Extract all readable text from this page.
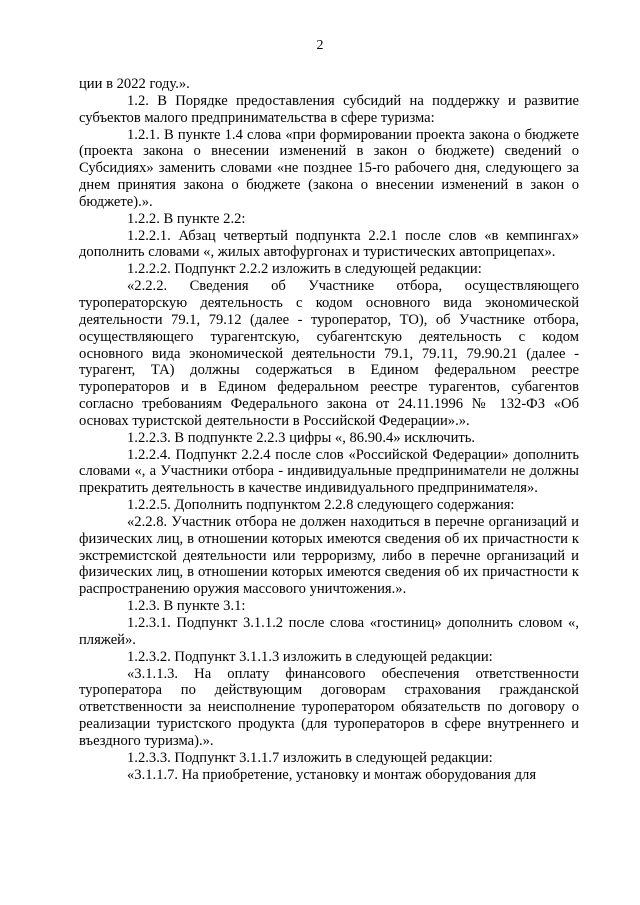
2

ции в 2022 году.».

1.2. В Порядке предоставления субсидий на поддержку и развитие субъектов малого предпринимательства в сфере туризма:

1.2.1. В пункте 1.4 слова «при формировании проекта закона о бюджете (проекта закона о внесении изменений в закон о бюджете) сведений о Субсидиях» заменить словами «не позднее 15-го рабочего дня, следующего за днем принятия закона о бюджете (закона о внесении изменений в закон о бюджете).».

1.2.2. В пункте 2.2:

1.2.2.1. Абзац четвертый подпункта 2.2.1 после слов «в кемпингах» дополнить словами «, жилых автофургонах и туристических автоприцепах».

1.2.2.2. Подпункт 2.2.2 изложить в следующей редакции:

«2.2.2. Сведения об Участнике отбора, осуществляющего туроператорскую деятельность с кодом основного вида экономической деятельности 79.1, 79.12 (далее - туроператор, ТО), об Участнике отбора, осуществляющего турагентскую, субагентскую деятельность с кодом основного вида экономической деятельности 79.1, 79.11, 79.90.21 (далее - турагент, ТА) должны содержаться в Едином федеральном реестре туроператоров и в Едином федеральном реестре турагентов, субагентов согласно требованиям Федерального закона от 24.11.1996 № 132-ФЗ «Об основах туристской деятельности в Российской Федерации».».

1.2.2.3. В подпункте 2.2.3 цифры «, 86.90.4» исключить.

1.2.2.4. Подпункт 2.2.4 после слов «Российской Федерации» дополнить словами «, а Участники отбора - индивидуальные предприниматели не должны прекратить деятельность в качестве индивидуального предпринимателя».

1.2.2.5. Дополнить подпунктом 2.2.8 следующего содержания:

«2.2.8. Участник отбора не должен находиться в перечне организаций и физических лиц, в отношении которых имеются сведения об их причастности к экстремистской деятельности или терроризму, либо в перечне организаций и физических лиц, в отношении которых имеются сведения об их причастности к распространению оружия массового уничтожения.».

1.2.3. В пункте 3.1:

1.2.3.1. Подпункт 3.1.1.2 после слова «гостиниц» дополнить словом «, пляжей».

1.2.3.2. Подпункт 3.1.1.3 изложить в следующей редакции:

«3.1.1.3. На оплату финансового обеспечения ответственности туроператора по действующим договорам страхования гражданской ответственности за неисполнение туроператором обязательств по договору о реализации туристского продукта (для туроператоров в сфере внутреннего и въездного туризма).».

1.2.3.3. Подпункт 3.1.1.7 изложить в следующей редакции:

«3.1.1.7. На приобретение, установку и монтаж оборудования для
